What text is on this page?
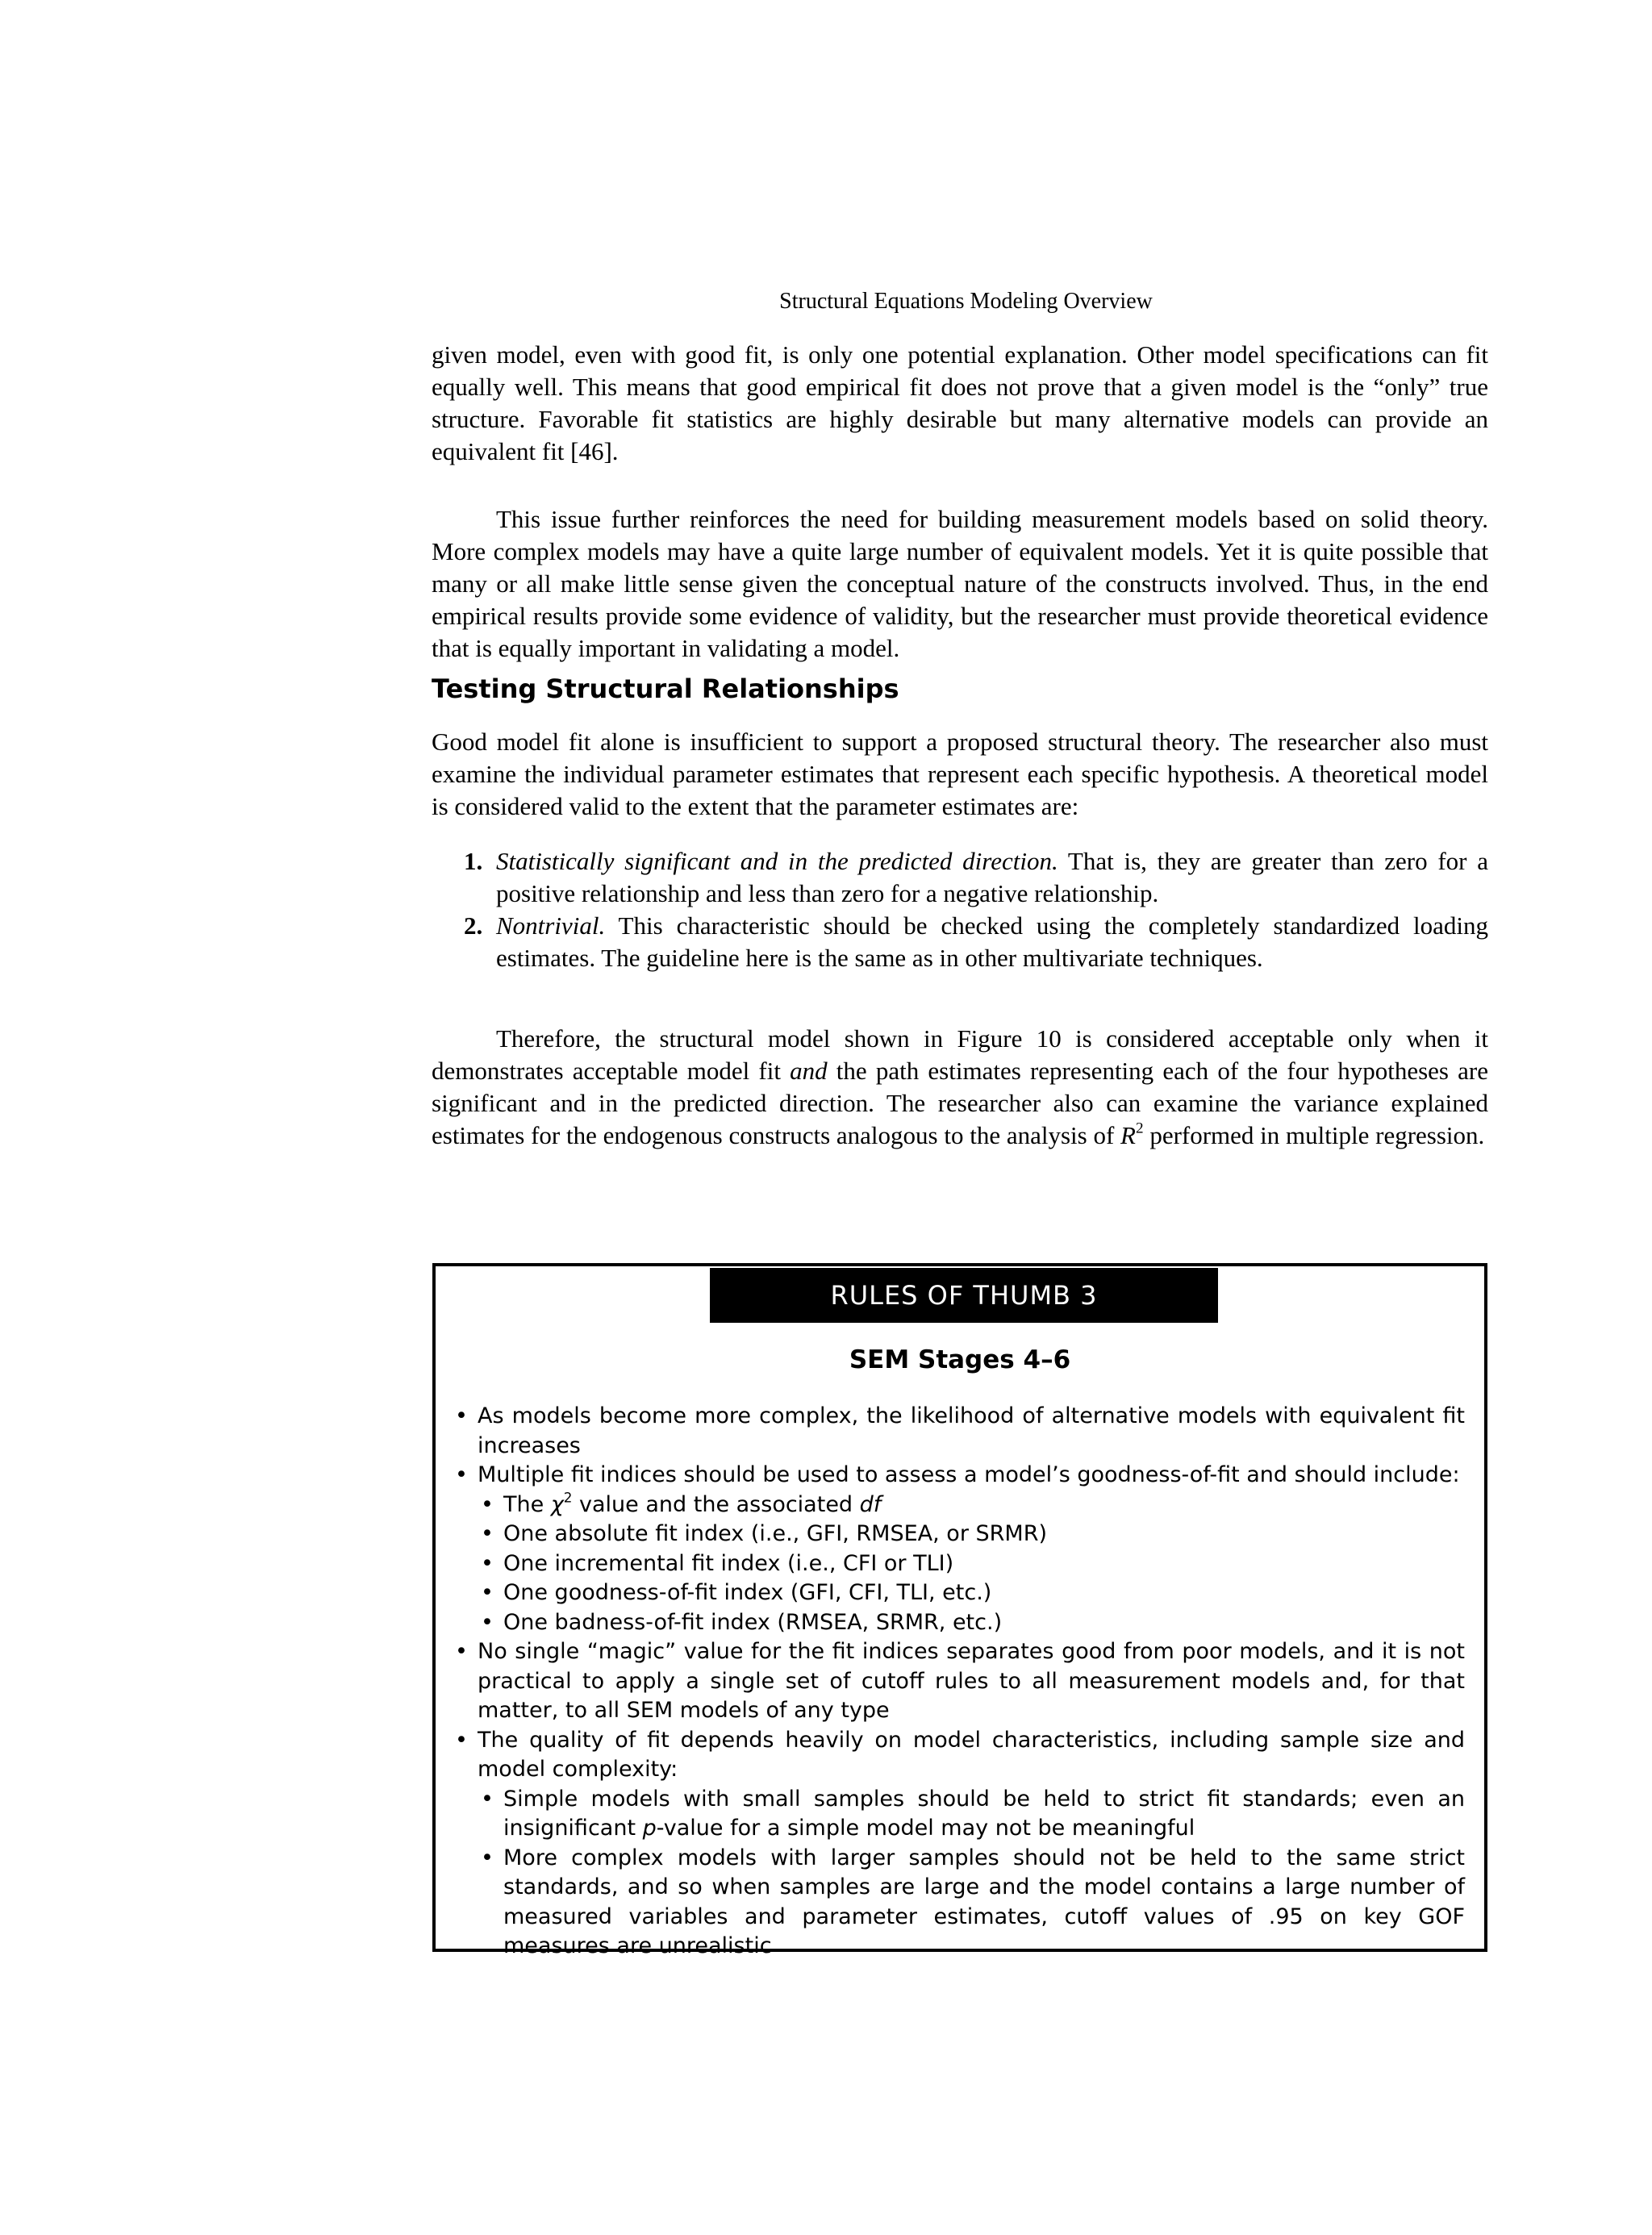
Structural Equations Modeling Overview

given model, even with good fit, is only one potential explanation. Other model specifications can fit equally well. This means that good empirical fit does not prove that a given model is the “only” true structure. Favorable fit statistics are highly desirable but many alternative models can provide an equivalent fit [46].

This issue further reinforces the need for building measurement models based on solid theory. More complex models may have a quite large number of equivalent models. Yet it is quite possible that many or all make little sense given the conceptual nature of the constructs involved. Thus, in the end empirical results provide some evidence of validity, but the researcher must provide theoretical evidence that is equally important in validating a model.

Testing Structural Relationships

Good model fit alone is insufficient to support a proposed structural theory. The researcher also must examine the individual parameter estimates that represent each specific hypothesis. A theoretical model is considered valid to the extent that the parameter estimates are:

1. Statistically significant and in the predicted direction. That is, they are greater than zero for a positive relationship and less than zero for a negative relationship.
2. Nontrivial. This characteristic should be checked using the completely standardized loading estimates. The guideline here is the same as in other multivariate techniques.

Therefore, the structural model shown in Figure 10 is considered acceptable only when it demonstrates acceptable model fit and the path estimates representing each of the four hypotheses are significant and in the predicted direction. The researcher also can examine the variance explained estimates for the endogenous constructs analogous to the analysis of $R^2$ performed in multiple regression.

RULES OF THUMB 3
SEM Stages 4–6
• As models become more complex, the likelihood of alternative models with equivalent fit increases
• Multiple fit indices should be used to assess a model’s goodness-of-fit and should include:
• The $\chi^2$ value and the associated df
• One absolute fit index (i.e., GFI, RMSEA, or SRMR)
• One incremental fit index (i.e., CFI or TLI)
• One goodness-of-fit index (GFI, CFI, TLI, etc.)
• One badness-of-fit index (RMSEA, SRMR, etc.)
• No single “magic” value for the fit indices separates good from poor models, and it is not practical to apply a single set of cutoff rules to all measurement models and, for that matter, to all SEM models of any type
• The quality of fit depends heavily on model characteristics, including sample size and model complexity:
• Simple models with small samples should be held to strict fit standards; even an insignificant p-value for a simple model may not be meaningful
• More complex models with larger samples should not be held to the same strict standards, and so when samples are large and the model contains a large number of measured variables and parameter estimates, cutoff values of .95 on key GOF measures are unrealistic
